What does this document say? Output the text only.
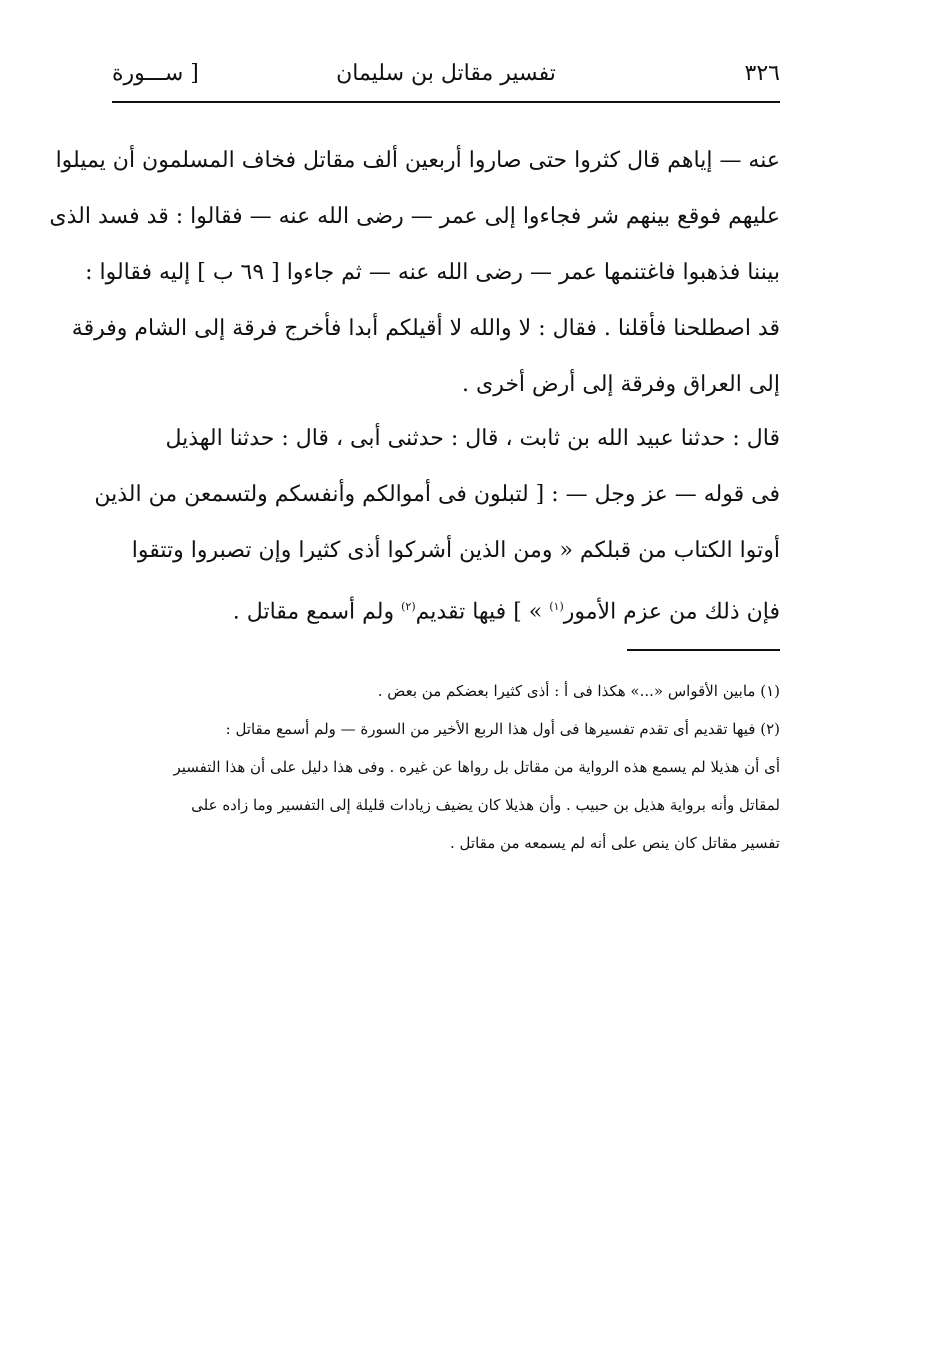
٣٢٦
تفسير مقاتل بن سليمان
[ ســـورة
عنه — إياهم قال كثروا حتى صاروا أربعين ألف مقاتل فخاف المسلمون أن يميلوا
عليهم فوقع بينهم شر فجاءوا إلى عمر — رضى الله عنه — فقالوا : قد فسد الذى
بيننا فذهبوا فاغتنمها عمر — رضى الله عنه — ثم جاءوا [ ٦٩ ب ] إليه فقالوا :
قد اصطلحنا فأقلنا . فقال : لا والله لا أقيلكم أبدا فأخرج فرقة إلى الشام وفرقة
إلى العراق وفرقة إلى أرض أخرى .
قال : حدثنا عبيد الله بن ثابت ، قال : حدثنى أبى ، قال : حدثنا الهذيل
فى قوله — عز وجل — : [ لتبلون فى أموالكم وأنفسكم ولتسمعن من الذين
أوتوا الكتاب من قبلكم « ومن الذين أشركوا أذى كثيرا وإن تصبروا وتتقوا
فإن ذلك من عزم الأمور$^{(١)}$ » ] فيها تقديم$^{(٢)}$ ولم أسمع مقاتل .
(١) مابين الأقواس «...» هكذا فى أ : أذى كثيرا بعضكم من بعض .
(٢) فيها تقديم أى تقدم تفسيرها فى أول هذا الربع الأخير من السورة — ولم أسمع مقاتل :
أى أن هذيلا لم يسمع هذه الرواية من مقاتل بل رواها عن غيره . وفى هذا دليل على أن هذا التفسير
لمقاتل وأنه برواية هذيل بن حبيب . وأن هذيلا كان يضيف زيادات قليلة إلى التفسير وما زاده على
تفسير مقاتل كان ينص على أنه لم يسمعه من مقاتل .
